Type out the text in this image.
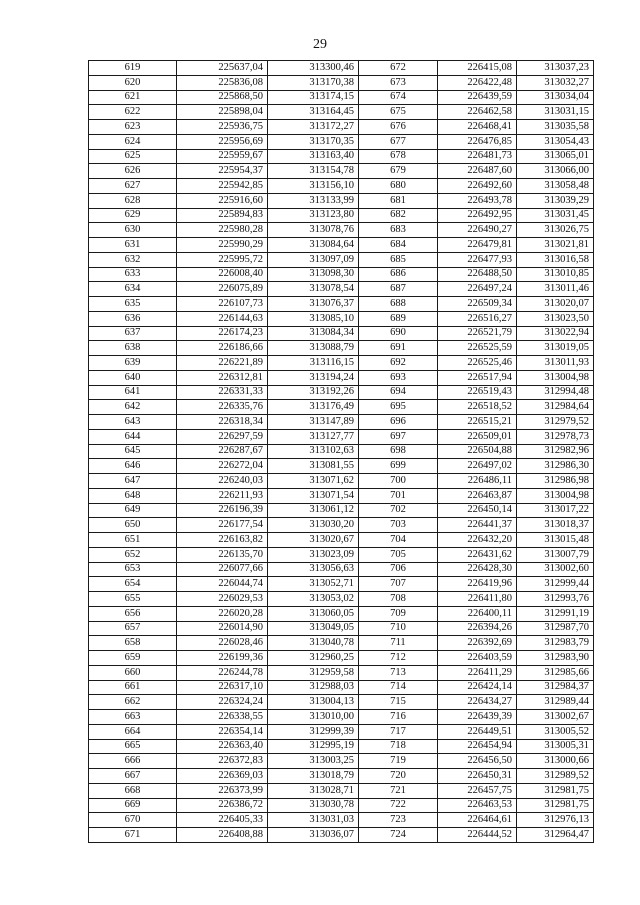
29
619	225637,04	313300,46	672	226415,08	313037,23
620	225836,08	313170,38	673	226422,48	313032,27
621	225868,50	313174,15	674	226439,59	313034,04
622	225898,04	313164,45	675	226462,58	313031,15
623	225936,75	313172,27	676	226468,41	313035,58
624	225956,69	313170,35	677	226476,85	313054,43
625	225959,67	313163,40	678	226481,73	313065,01
626	225954,37	313154,78	679	226487,60	313066,00
627	225942,85	313156,10	680	226492,60	313058,48
628	225916,60	313133,99	681	226493,78	313039,29
629	225894,83	313123,80	682	226492,95	313031,45
630	225980,28	313078,76	683	226490,27	313026,75
631	225990,29	313084,64	684	226479,81	313021,81
632	225995,72	313097,09	685	226477,93	313016,58
633	226008,40	313098,30	686	226488,50	313010,85
634	226075,89	313078,54	687	226497,24	313011,46
635	226107,73	313076,37	688	226509,34	313020,07
636	226144,63	313085,10	689	226516,27	313023,50
637	226174,23	313084,34	690	226521,79	313022,94
638	226186,66	313088,79	691	226525,59	313019,05
639	226221,89	313116,15	692	226525,46	313011,93
640	226312,81	313194,24	693	226517,94	313004,98
641	226331,33	313192,26	694	226519,43	312994,48
642	226335,76	313176,49	695	226518,52	312984,64
643	226318,34	313147,89	696	226515,21	312979,52
644	226297,59	313127,77	697	226509,01	312978,73
645	226287,67	313102,63	698	226504,88	312982,96
646	226272,04	313081,55	699	226497,02	312986,30
647	226240,03	313071,62	700	226486,11	312986,98
648	226211,93	313071,54	701	226463,87	313004,98
649	226196,39	313061,12	702	226450,14	313017,22
650	226177,54	313030,20	703	226441,37	313018,37
651	226163,82	313020,67	704	226432,20	313015,48
652	226135,70	313023,09	705	226431,62	313007,79
653	226077,66	313056,63	706	226428,30	313002,60
654	226044,74	313052,71	707	226419,96	312999,44
655	226029,53	313053,02	708	226411,80	312993,76
656	226020,28	313060,05	709	226400,11	312991,19
657	226014,90	313049,05	710	226394,26	312987,70
658	226028,46	313040,78	711	226392,69	312983,79
659	226199,36	312960,25	712	226403,59	312983,90
660	226244,78	312959,58	713	226411,29	312985,66
661	226317,10	312988,03	714	226424,14	312984,37
662	226324,24	313004,13	715	226434,27	312989,44
663	226338,55	313010,00	716	226439,39	313002,67
664	226354,14	312999,39	717	226449,51	313005,52
665	226363,40	312995,19	718	226454,94	313005,31
666	226372,83	313003,25	719	226456,50	313000,66
667	226369,03	313018,79	720	226450,31	312989,52
668	226373,99	313028,71	721	226457,75	312981,75
669	226386,72	313030,78	722	226463,53	312981,75
670	226405,33	313031,03	723	226464,61	312976,13
671	226408,88	313036,07	724	226444,52	312964,47
